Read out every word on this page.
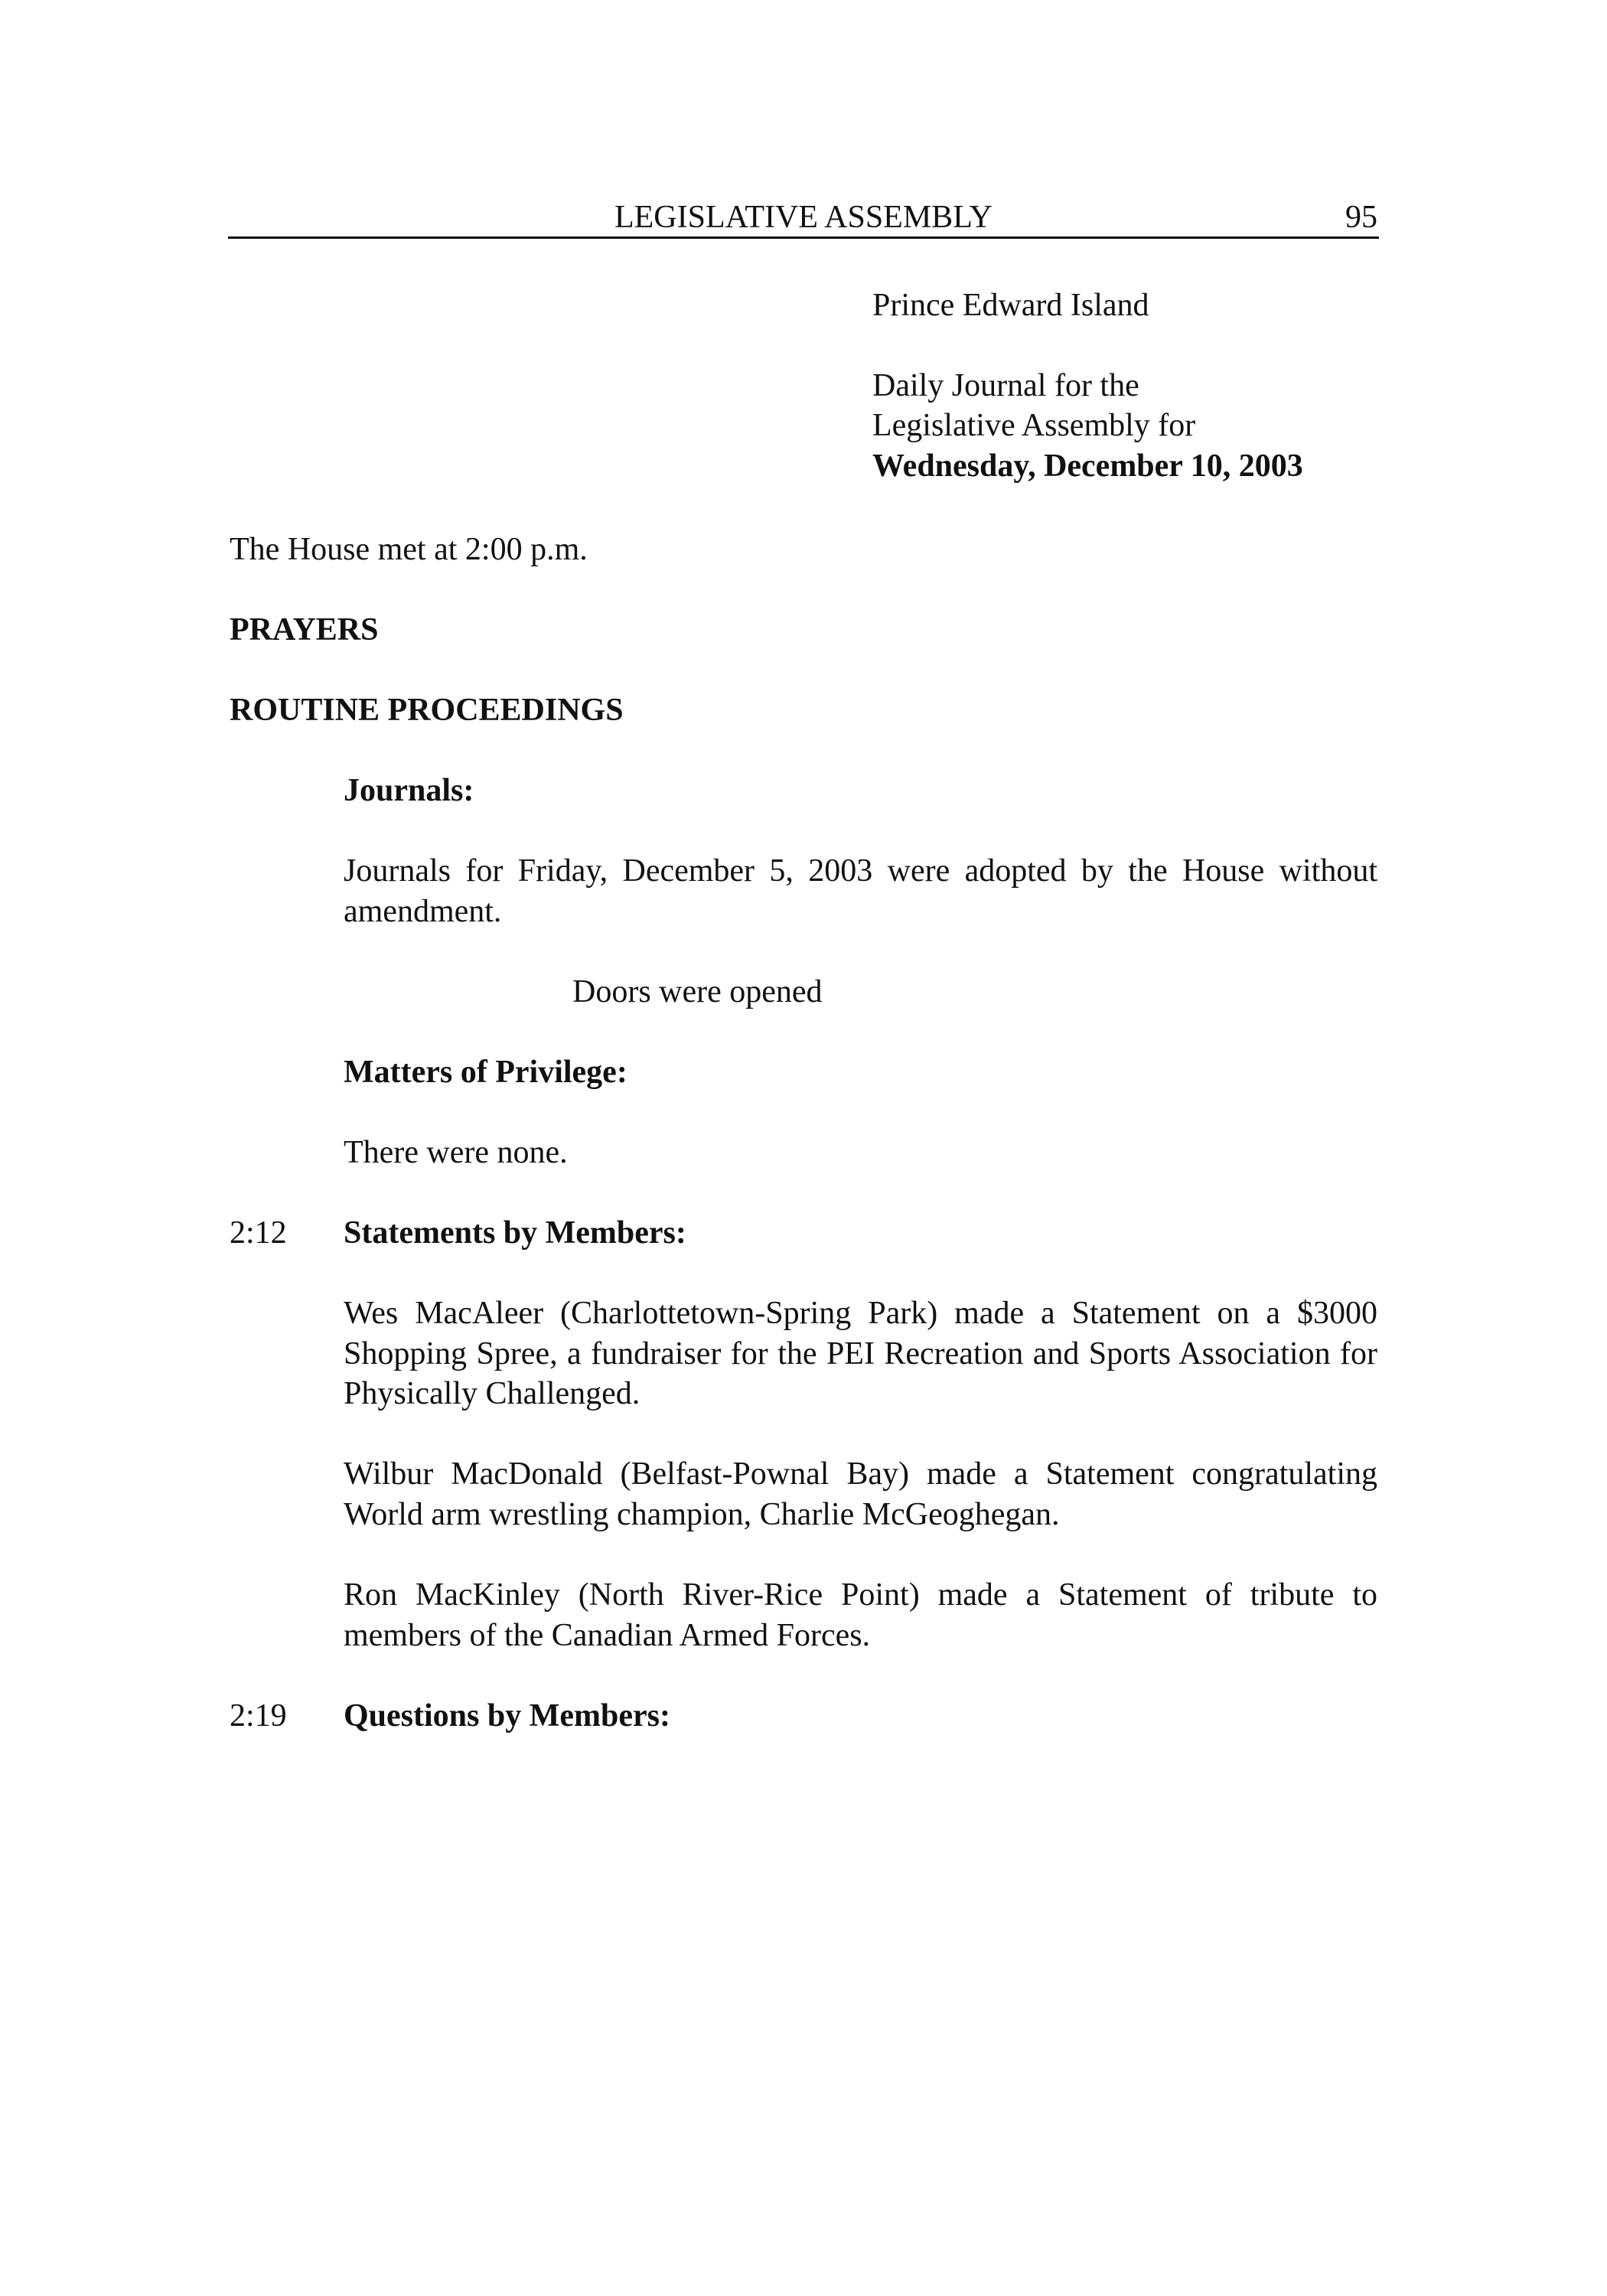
LEGISLATIVE ASSEMBLY	95
Prince Edward Island
Daily Journal for the
Legislative Assembly for
Wednesday, December 10, 2003
The House met at 2:00 p.m.
PRAYERS
ROUTINE PROCEEDINGS
Journals:
Journals for Friday, December 5, 2003 were adopted by the House without amendment.
Doors were opened
Matters of Privilege:
There were none.
2:12 Statements by Members:
Wes MacAleer (Charlottetown-Spring Park) made a Statement on a $3000 Shopping Spree, a fundraiser for the PEI Recreation and Sports Association for Physically Challenged.
Wilbur MacDonald (Belfast-Pownal Bay) made a Statement congratulating World arm wrestling champion, Charlie McGeoghegan.
Ron MacKinley (North River-Rice Point) made a Statement of tribute to members of the Canadian Armed Forces.
2:19 Questions by Members:
